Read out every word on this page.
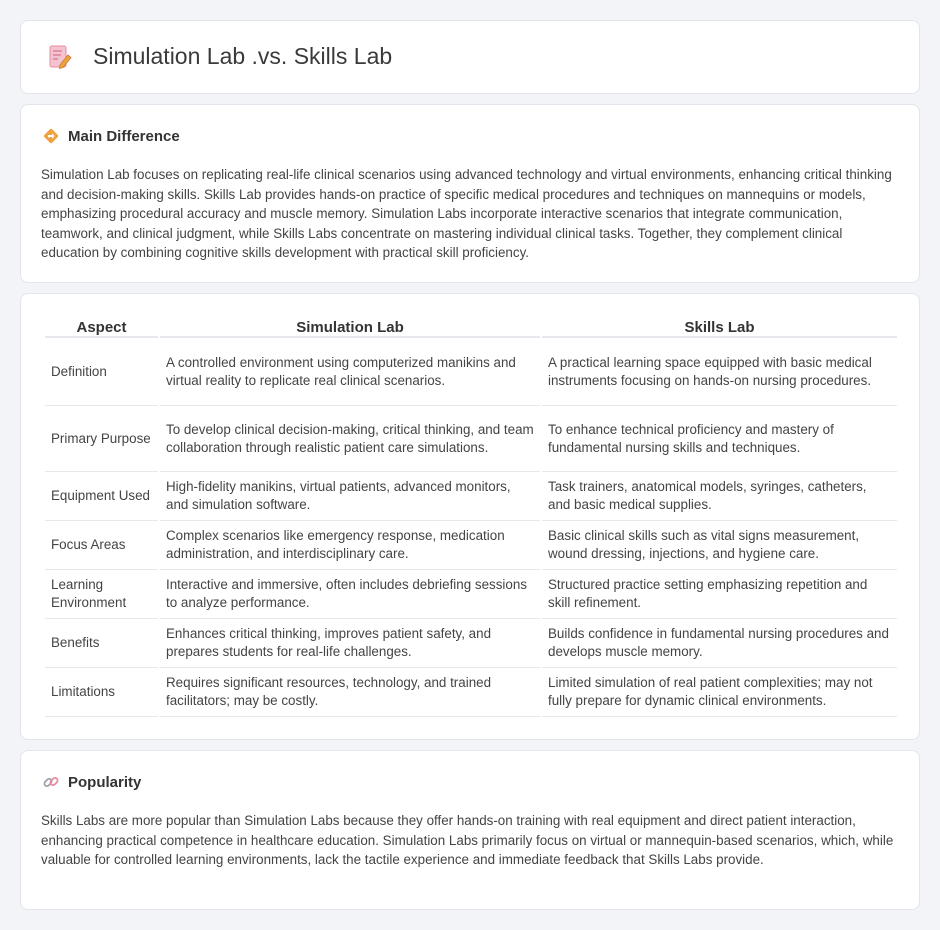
Simulation Lab .vs. Skills Lab
Main Difference

Simulation Lab focuses on replicating real-life clinical scenarios using advanced technology and virtual environments, enhancing critical thinking and decision-making skills. Skills Lab provides hands-on practice of specific medical procedures and techniques on mannequins or models, emphasizing procedural accuracy and muscle memory. Simulation Labs incorporate interactive scenarios that integrate communication, teamwork, and clinical judgment, while Skills Labs concentrate on mastering individual clinical tasks. Together, they complement clinical education by combining cognitive skills development with practical skill proficiency.

Aspect	Simulation Lab	Skills Lab
Definition	A controlled environment using computerized manikins and virtual reality to replicate real clinical scenarios.	A practical learning space equipped with basic medical instruments focusing on hands-on nursing procedures.
Primary Purpose	To develop clinical decision-making, critical thinking, and team collaboration through realistic patient care simulations.	To enhance technical proficiency and mastery of fundamental nursing skills and techniques.
Equipment Used	High-fidelity manikins, virtual patients, advanced monitors, and simulation software.	Task trainers, anatomical models, syringes, catheters, and basic medical supplies.
Focus Areas	Complex scenarios like emergency response, medication administration, and interdisciplinary care.	Basic clinical skills such as vital signs measurement, wound dressing, injections, and hygiene care.
Learning Environment	Interactive and immersive, often includes debriefing sessions to analyze performance.	Structured practice setting emphasizing repetition and skill refinement.
Benefits	Enhances critical thinking, improves patient safety, and prepares students for real-life challenges.	Builds confidence in fundamental nursing procedures and develops muscle memory.
Limitations	Requires significant resources, technology, and trained facilitators; may be costly.	Limited simulation of real patient complexities; may not fully prepare for dynamic clinical environments.
Popularity

Skills Labs are more popular than Simulation Labs because they offer hands-on training with real equipment and direct patient interaction, enhancing practical competence in healthcare education. Simulation Labs primarily focus on virtual or mannequin-based scenarios, which, while valuable for controlled learning environments, lack the tactile experience and immediate feedback that Skills Labs provide.
